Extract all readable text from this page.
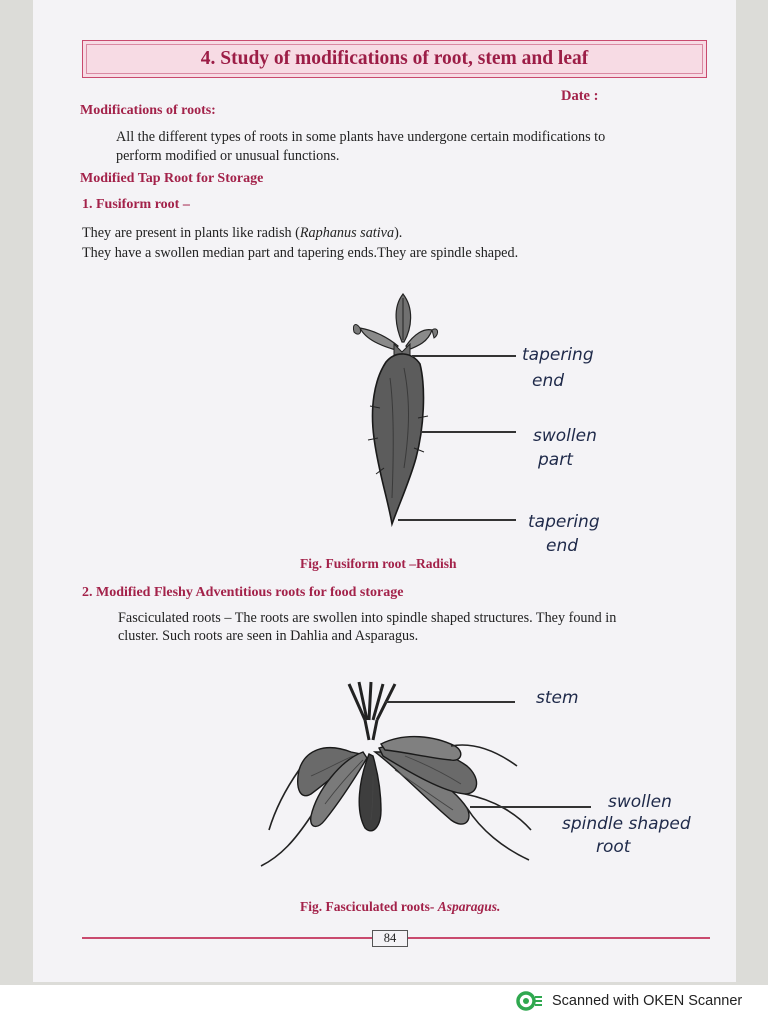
4. Study of modifications of root, stem and leaf
Date :
Modifications of roots:
All the different types of roots in some plants have undergone certain modifications to
perform modified or unusual functions.
Modified Tap Root for Storage
1. Fusiform root –
They are present in plants like radish (Raphanus sativa).
They have a swollen median part and tapering ends.They are spindle shaped.
tapering
end
swollen
part
tapering
end
Fig. Fusiform root –Radish
2. Modified Fleshy Adventitious roots for food storage
Fasciculated roots – The roots are swollen into spindle shaped structures. They found in
cluster. Such roots are seen in Dahlia and Asparagus.
stem
swollen
spindle shaped
root
Fig. Fasciculated roots- Asparagus.
84
Scanned with OKEN Scanner
